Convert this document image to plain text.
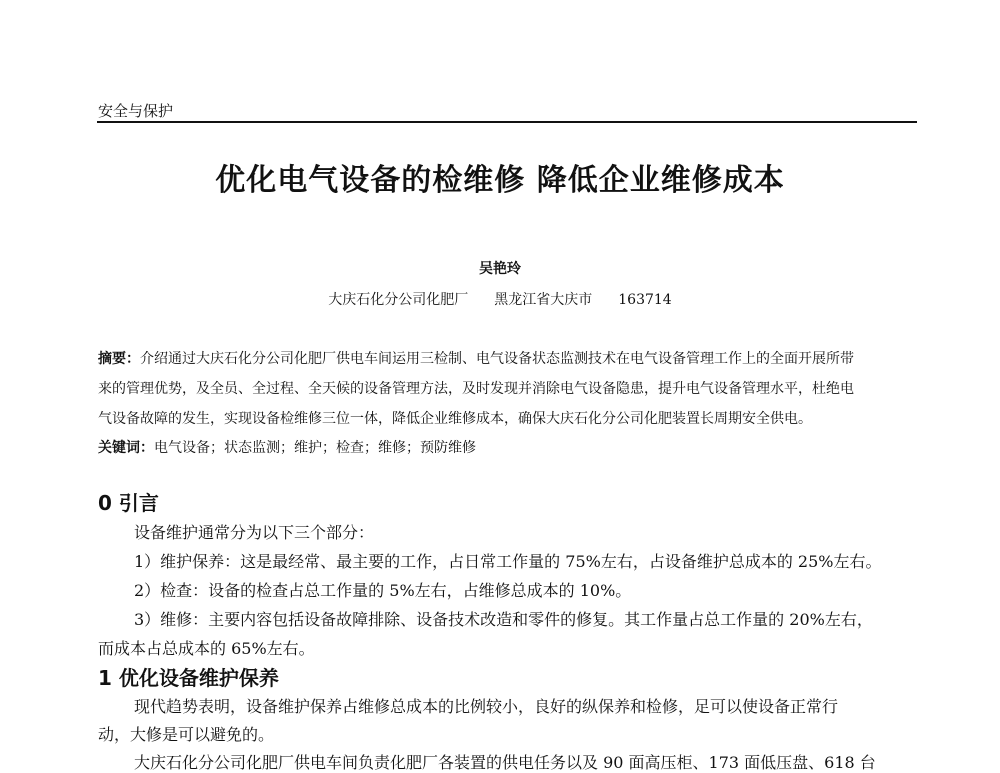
安全与保护
优化电气设备的检维修 降低企业维修成本
吴艳玲
大庆石化分公司化肥厂 黑龙江省大庆市 163714
摘要：介绍通过大庆石化分公司化肥厂供电车间运用三检制、电气设备状态监测技术在电气设备管理工作上的全面开展所带
来的管理优势，及全员、全过程、全天候的设备管理方法，及时发现并消除电气设备隐患，提升电气设备管理水平，杜绝电
气设备故障的发生，实现设备检维修三位一体，降低企业维修成本，确保大庆石化分公司化肥装置长周期安全供电。
关键词：电气设备；状态监测；维护；检查；维修；预防维修
0 引言
设备维护通常分为以下三个部分：
1）维护保养：这是最经常、最主要的工作，占日常工作量的 75%左右，占设备维护总成本的 25%左右。
2）检查：设备的检查占总工作量的 5%左右，占维修总成本的 10%。
3）维修：主要内容包括设备故障排除、设备技术改造和零件的修复。其工作量占总工作量的 20%左右，
而成本占总成本的 65%左右。
1 优化设备维护保养
现代趋势表明，设备维护保养占维修总成本的比例较小，良好的纵保养和检修，足可以使设备正常行
动，大修是可以避免的。
大庆石化分公司化肥厂供电车间负责化肥厂各装置的供电任务以及 90 面高压柜、173 面低压盘、618 台
